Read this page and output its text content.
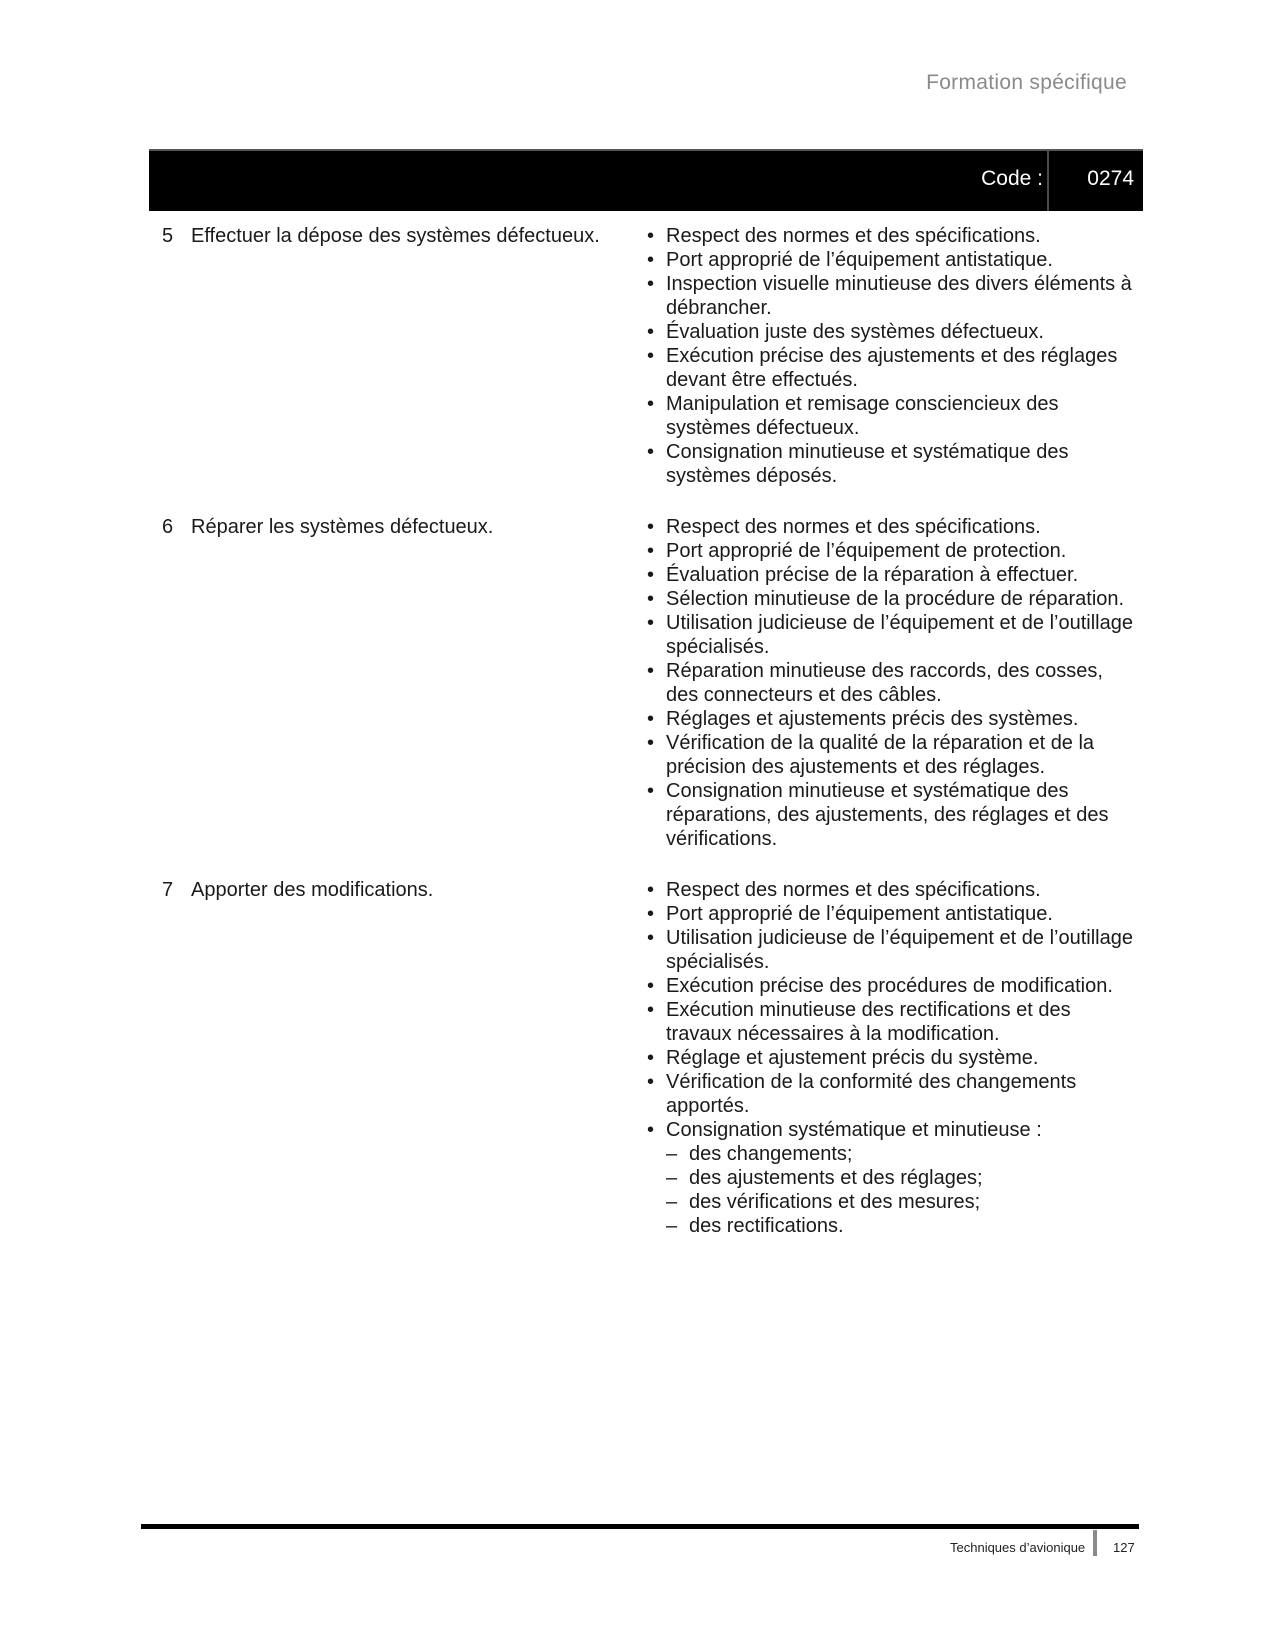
Formation spécifique
Code : 0274
5 Effectuer la dépose des systèmes défectueux.	• Respect des normes et des spécifications.
• Port approprié de l’équipement antistatique.
• Inspection visuelle minutieuse des divers éléments à débrancher.
• Évaluation juste des systèmes défectueux.
• Exécution précise des ajustements et des réglages devant être effectués.
• Manipulation et remisage consciencieux des systèmes défectueux.
• Consignation minutieuse et systématique des systèmes déposés.
6 Réparer les systèmes défectueux.	• Respect des normes et des spécifications.
• Port approprié de l’équipement de protection.
• Évaluation précise de la réparation à effectuer.
• Sélection minutieuse de la procédure de réparation.
• Utilisation judicieuse de l’équipement et de l’outillage spécialisés.
• Réparation minutieuse des raccords, des cosses, des connecteurs et des câbles.
• Réglages et ajustements précis des systèmes.
• Vérification de la qualité de la réparation et de la précision des ajustements et des réglages.
• Consignation minutieuse et systématique des réparations, des ajustements, des réglages et des vérifications.
7 Apporter des modifications.	• Respect des normes et des spécifications.
• Port approprié de l’équipement antistatique.
• Utilisation judicieuse de l’équipement et de l’outillage spécialisés.
• Exécution précise des procédures de modification.
• Exécution minutieuse des rectifications et des travaux nécessaires à la modification.
• Réglage et ajustement précis du système.
• Vérification de la conformité des changements apportés.
• Consignation systématique et minutieuse :
– des changements;
– des ajustements et des réglages;
– des vérifications et des mesures;
– des rectifications.
Techniques d’avionique 127
